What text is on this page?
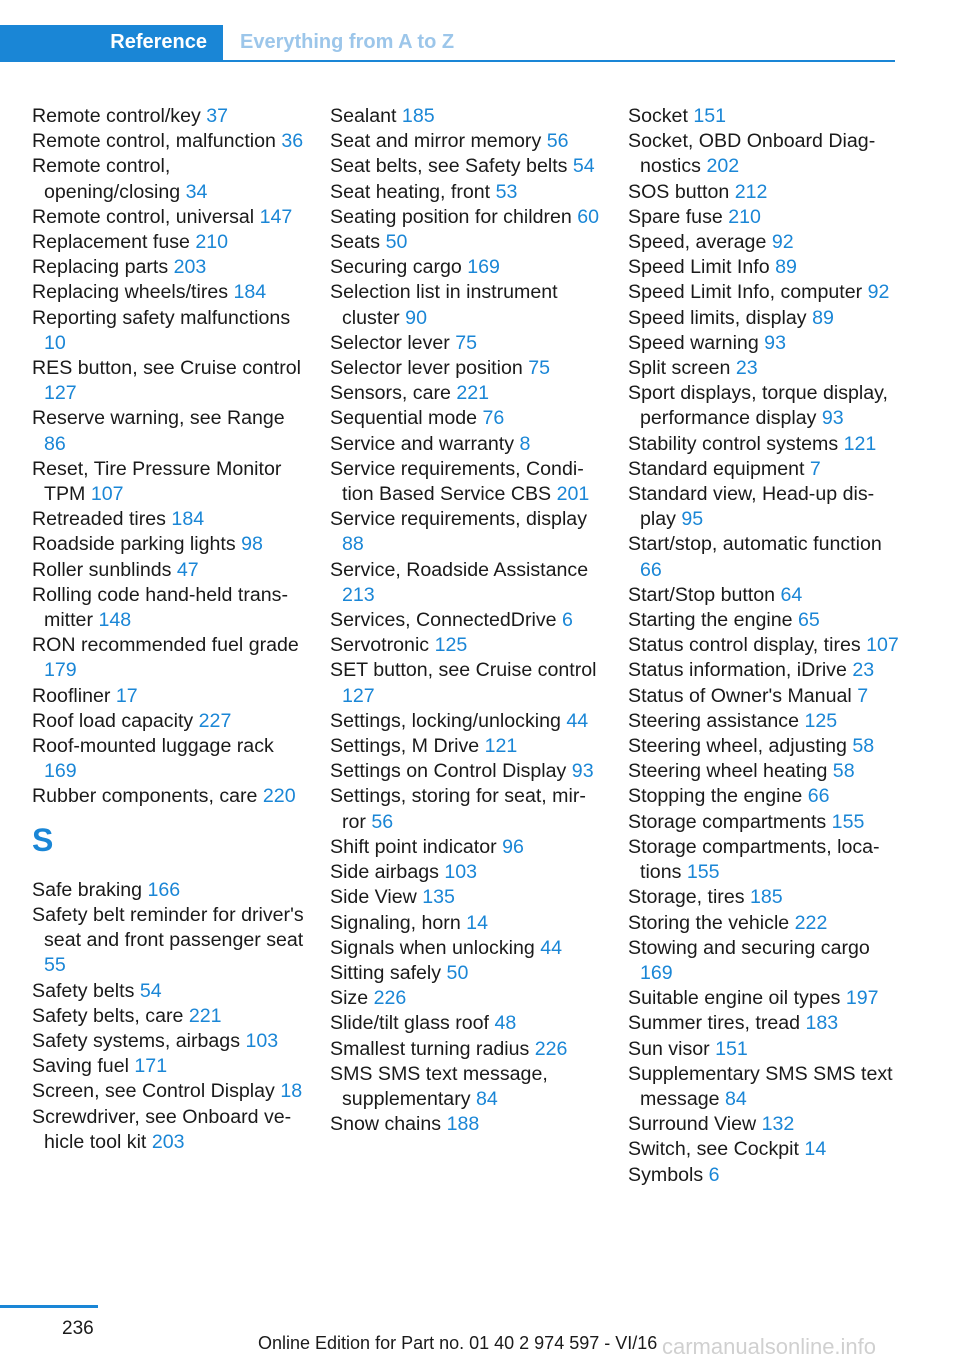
Reference Everything from A to Z
Remote control/key 37
Remote control, malfunction 36
Remote control, opening/closing 34
Remote control, universal 147
Replacement fuse 210
Replacing parts 203
Replacing wheels/tires 184
Reporting safety malfunctions 10
RES button, see Cruise control 127
Reserve warning, see Range 86
Reset, Tire Pressure Monitor TPM 107
Retreaded tires 184
Roadside parking lights 98
Roller sunblinds 47
Rolling code hand-held transmitter 148
RON recommended fuel grade 179
Roofliner 17
Roof load capacity 227
Roof-mounted luggage rack 169
Rubber components, care 220
S
Safe braking 166
Safety belt reminder for driver's seat and front passenger seat 55
Safety belts 54
Safety belts, care 221
Safety systems, airbags 103
Saving fuel 171
Screen, see Control Display 18
Screwdriver, see Onboard vehicle tool kit 203
Sealant 185
Seat and mirror memory 56
Seat belts, see Safety belts 54
Seat heating, front 53
Seating position for children 60
Seats 50
Securing cargo 169
Selection list in instrument cluster 90
Selector lever 75
Selector lever position 75
Sensors, care 221
Sequential mode 76
Service and warranty 8
Service requirements, Condition Based Service CBS 201
Service requirements, display 88
Service, Roadside Assistance 213
Services, ConnectedDrive 6
Servotronic 125
SET button, see Cruise control 127
Settings, locking/unlocking 44
Settings, M Drive 121
Settings on Control Display 93
Settings, storing for seat, mirror 56
Shift point indicator 96
Side airbags 103
Side View 135
Signaling, horn 14
Signals when unlocking 44
Sitting safely 50
Size 226
Slide/tilt glass roof 48
Smallest turning radius 226
SMS SMS text message, supplementary 84
Snow chains 188
Socket 151
Socket, OBD Onboard Diagnostics 202
SOS button 212
Spare fuse 210
Speed, average 92
Speed Limit Info 89
Speed Limit Info, computer 92
Speed limits, display 89
Speed warning 93
Split screen 23
Sport displays, torque display, performance display 93
Stability control systems 121
Standard equipment 7
Standard view, Head-up display 95
Start/stop, automatic function 66
Start/Stop button 64
Starting the engine 65
Status control display, tires 107
Status information, iDrive 23
Status of Owner's Manual 7
Steering assistance 125
Steering wheel, adjusting 58
Steering wheel heating 58
Stopping the engine 66
Storage compartments 155
Storage compartments, locations 155
Storage, tires 185
Storing the vehicle 222
Stowing and securing cargo 169
Suitable engine oil types 197
Summer tires, tread 183
Sun visor 151
Supplementary SMS SMS text message 84
Surround View 132
Switch, see Cockpit 14
Symbols 6
236
Online Edition for Part no. 01 40 2 974 597 - VI/16 carmanualsonline.info
